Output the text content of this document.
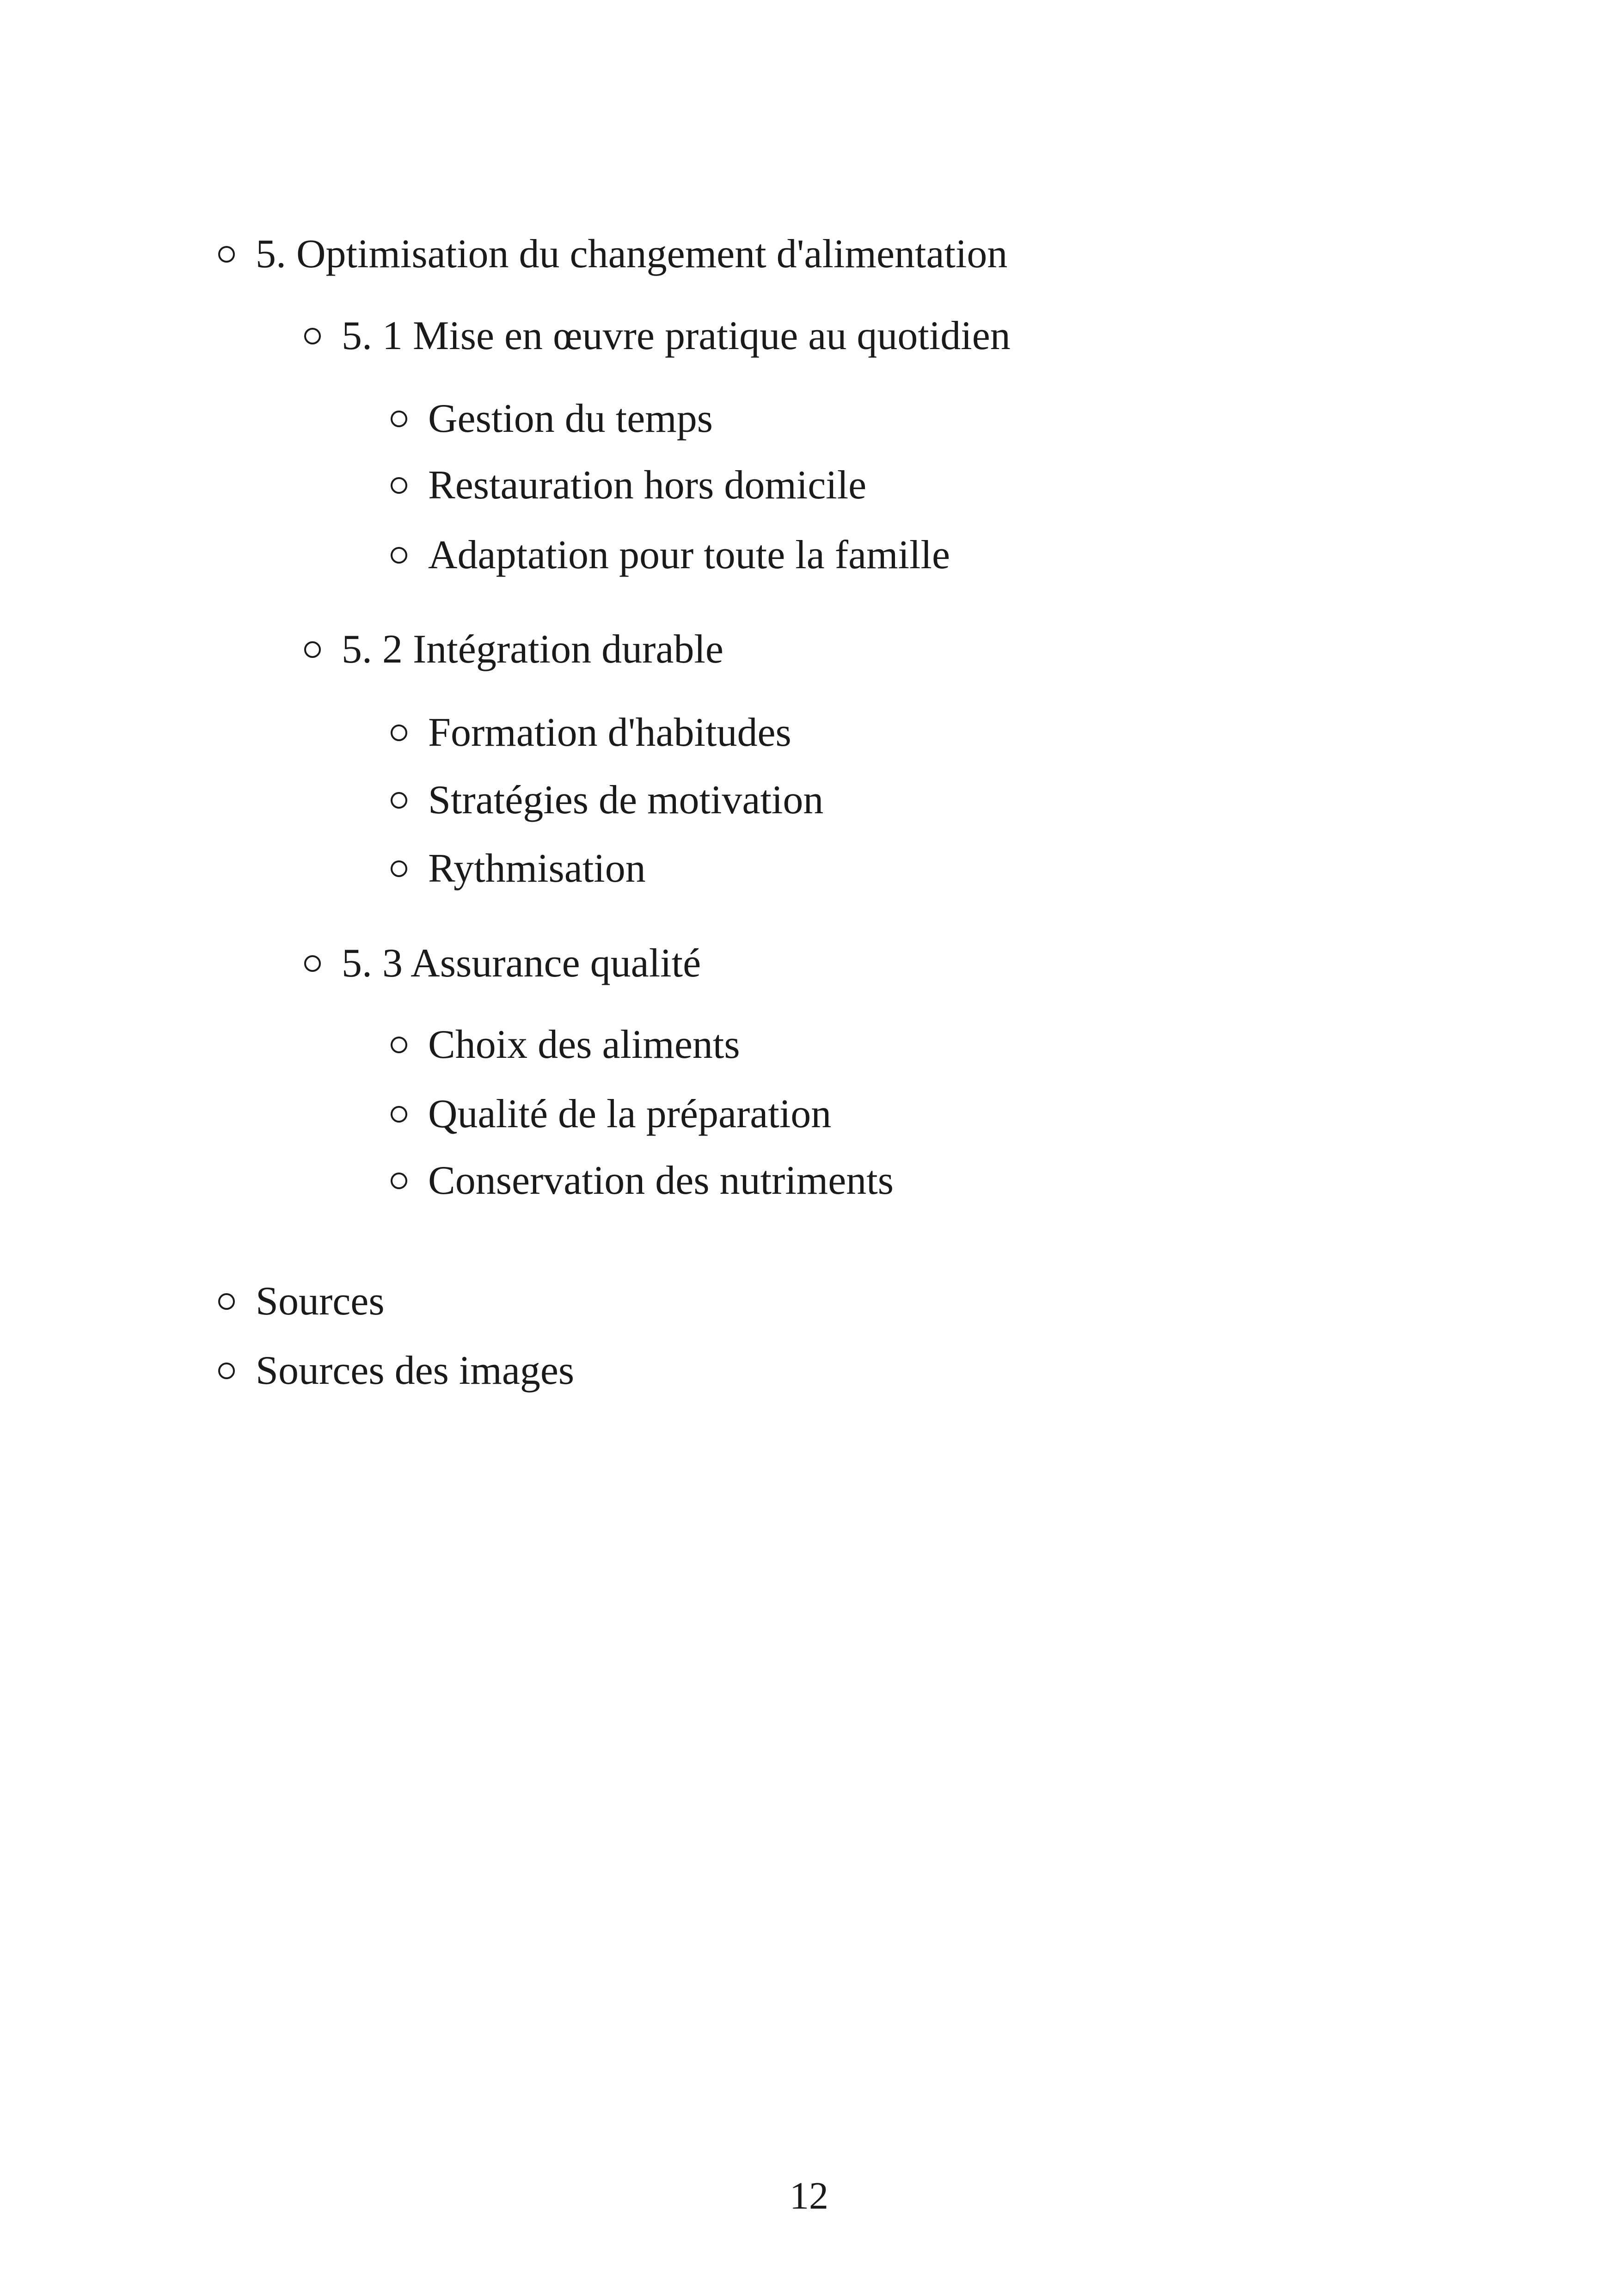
5. Optimisation du changement d'alimentation
5. 1 Mise en œuvre pratique au quotidien
Gestion du temps
Restauration hors domicile
Adaptation pour toute la famille
5. 2 Intégration durable
Formation d'habitudes
Stratégies de motivation
Rythmisation
5. 3 Assurance qualité
Choix des aliments
Qualité de la préparation
Conservation des nutriments
Sources
Sources des images
12
